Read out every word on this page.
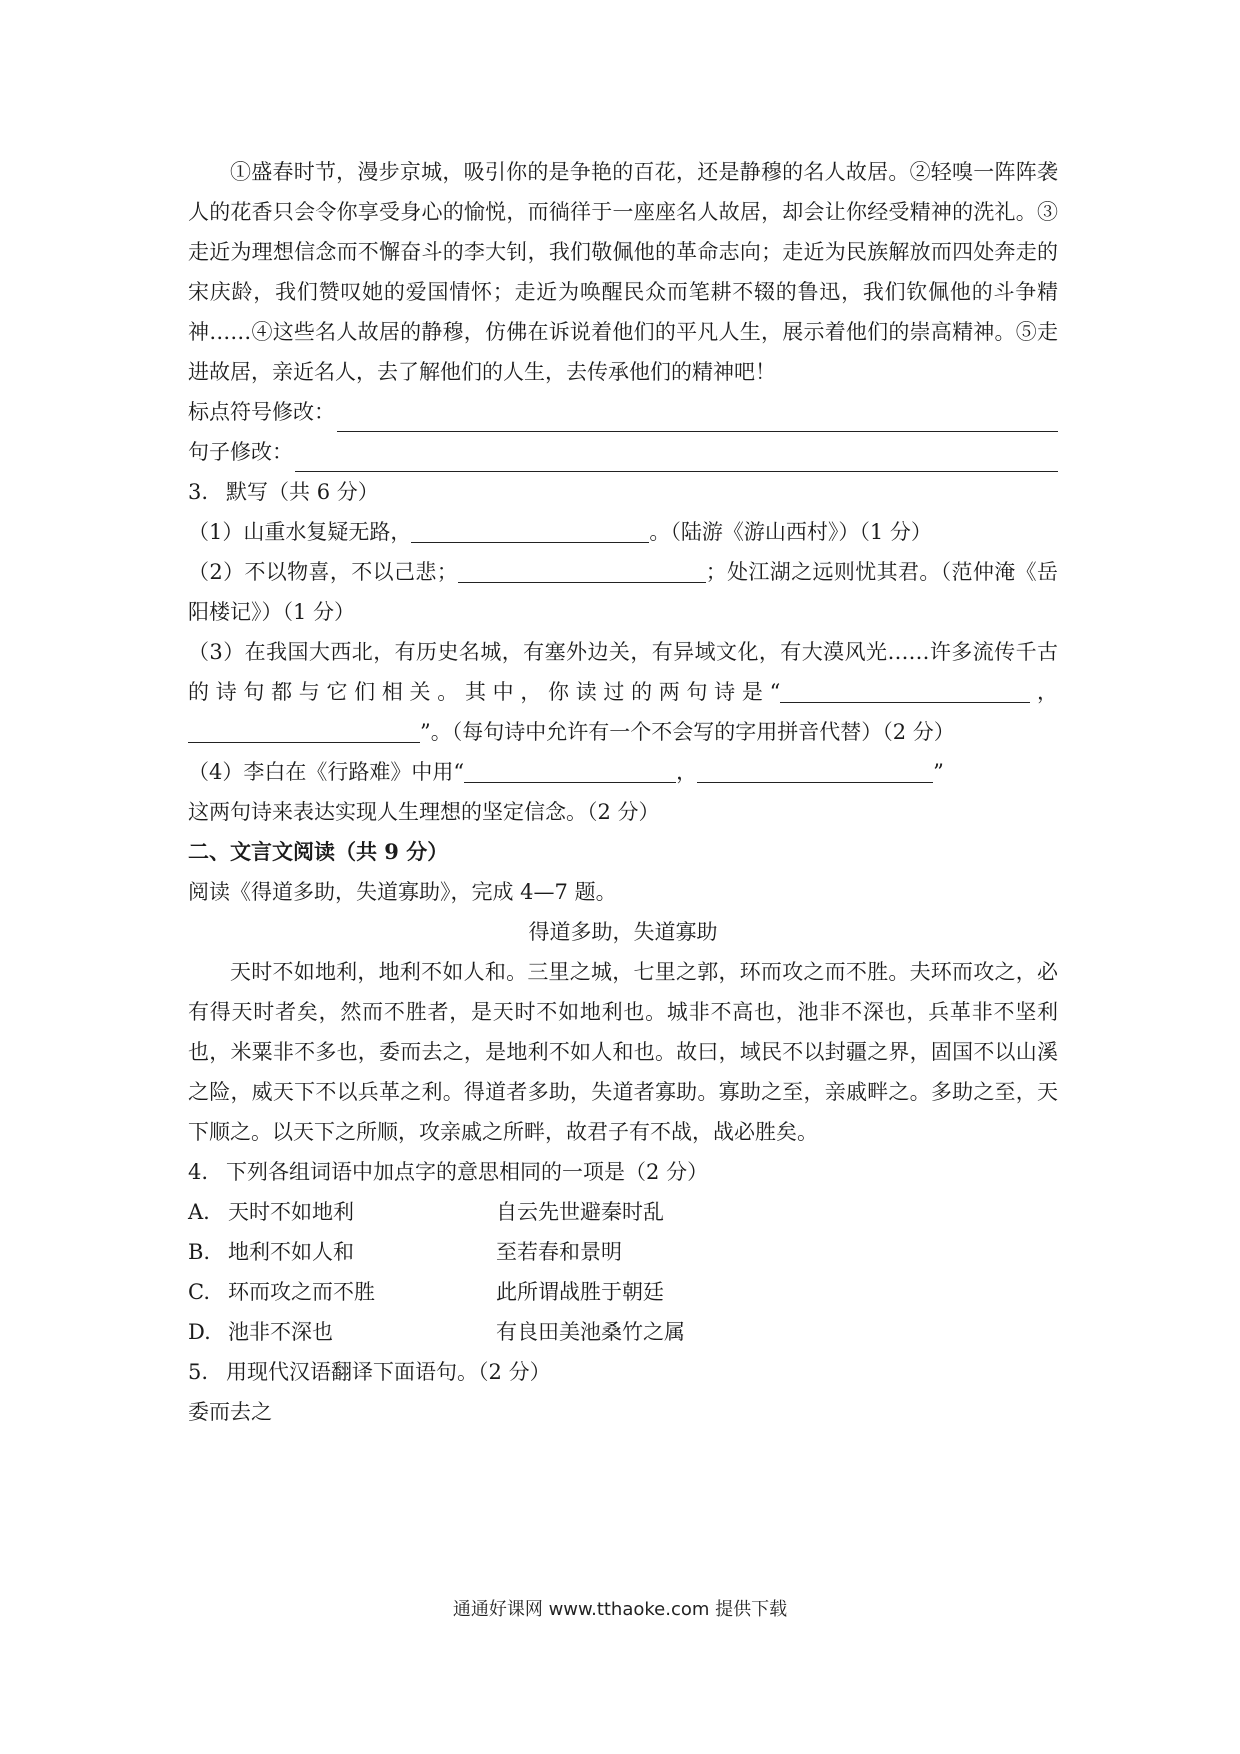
①盛春时节，漫步京城，吸引你的是争艳的百花，还是静穆的名人故居。②轻嗅一阵阵袭人的花香只会令你享受身心的愉悦，而徜徉于一座座名人故居，却会让你经受精神的洗礼。③走近为理想信念而不懈奋斗的李大钊，我们敬佩他的革命志向；走近为民族解放而四处奔走的宋庆龄，我们赞叹她的爱国情怀；走近为唤醒民众而笔耕不辍的鲁迅，我们钦佩他的斗争精神……④这些名人故居的静穆，仿佛在诉说着他们的平凡人生，展示着他们的崇高精神。⑤走进故居，亲近名人，去了解他们的人生，去传承他们的精神吧！

标点符号修改：
句子修改：

3. 默写（共 6 分）

（1）山重水复疑无路，	。（陆游《游山西村》）（1 分）

（2）不以物喜，不以己悲；	；处江湖之远则忧其君。（范仲淹《岳阳楼记》）（1 分）

（3）在我国大西北，有历史名城，有塞外边关，有异域文化，有大漠风光……许多流传千古的诗句都与它们相关。其中，你读过的两句诗是“	，”。（每句诗中允许有一个不会写的字用拼音代替）（2 分）

（4）李白在《行路难》中用“	，	”
这两句诗来表达实现人生理想的坚定信念。（2 分）

二、文言文阅读（共 9 分）

阅读《得道多助，失道寡助》，完成 4—7 题。

得道多助，失道寡助

天时不如地利，地利不如人和。三里之城，七里之郭，环而攻之而不胜。夫环而攻之，必有得天时者矣，然而不胜者，是天时不如地利也。城非不高也，池非不深也，兵革非不坚利也，米粟非不多也，委而去之，是地利不如人和也。故曰，域民不以封疆之界，固国不以山溪之险，威天下不以兵革之利。得道者多助，失道者寡助。寡助之至，亲戚畔之。多助之至，天下顺之。以天下之所顺，攻亲戚之所畔，故君子有不战，战必胜矣。

4. 下列各组词语中加点字的意思相同的一项是（2 分）

A. 天时不如地利	自云先世避秦时乱
B. 地利不如人和	至若春和景明
C. 环而攻之而不胜	此所谓战胜于朝廷
D. 池非不深也	有良田美池桑竹之属

5. 用现代汉语翻译下面语句。（2 分）

委而去之

通通好课网 www.tthaoke.com 提供下载
